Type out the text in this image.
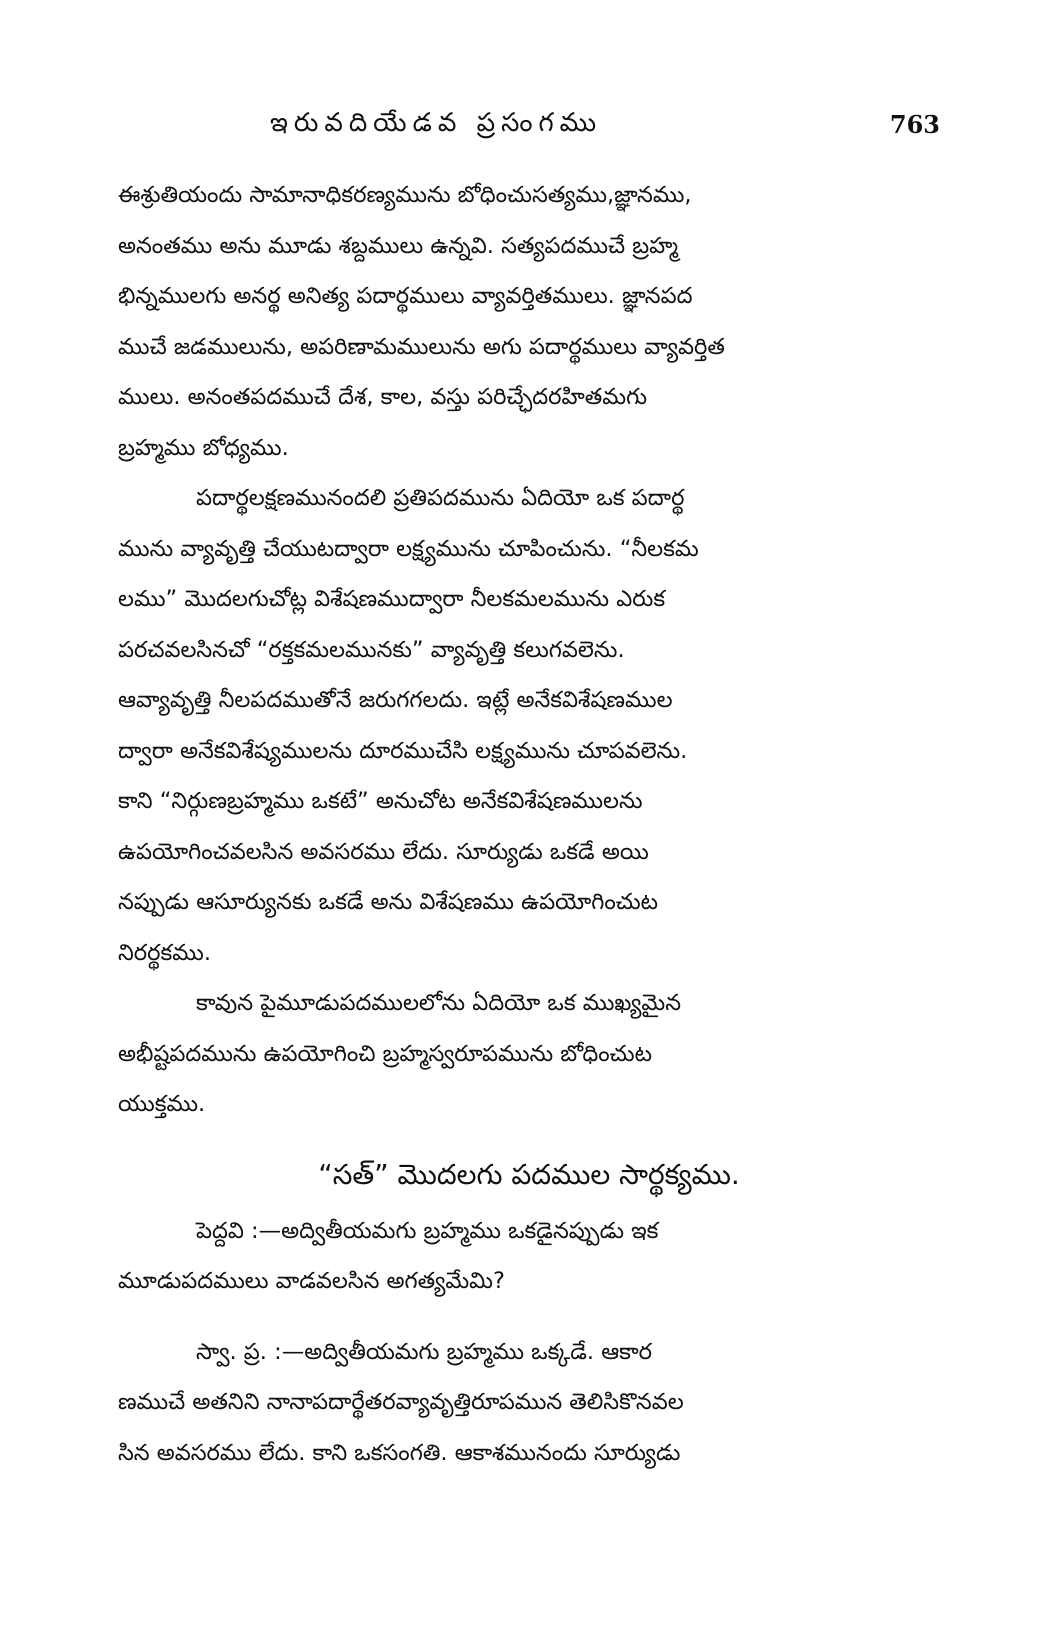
ఇరువదియేడవ ప్రసంగము	763
ఈశ్రుతియందు సామానాధికరణ్యమును బోధించుసత్యము,జ్ఞానము,
అనంతము అను మూడు శబ్దములు ఉన్నవి. సత్యపదముచే బ్రహ్మ
భిన్నములగు అనర్థ అనిత్య పదార్థములు వ్యావర్తితములు. జ్ఞానపద
ముచే జడములును, అపరిణామములును అగు పదార్థములు వ్యావర్తిత
ములు. అనంతపదముచే దేశ, కాల, వస్తు పరిచ్ఛేదరహితమగు
బ్రహ్మము బోధ్యము.
పదార్థలక్షణమునందలి ప్రతిపదమును ఏదియో ఒక పదార్థ
మును వ్యావృత్తి చేయుటద్వారా లక్ష్యమును చూపించును. “నీలకమ
లము” మొదలగుచోట్ల విశేషణముద్వారా నీలకమలమును ఎరుక
పరచవలసినచో “రక్తకమలమునకు” వ్యావృత్తి కలుగవలెను.
ఆవ్యావృత్తి నీలపదముతోనే జరుగగలదు. ఇట్లే అనేకవిశేషణముల
ద్వారా అనేకవిశేష్యములను దూరముచేసి లక్ష్యమును చూపవలెను.
కాని “నిర్గుణబ్రహ్మము ఒకటే” అనుచోట అనేకవిశేషణములను
ఉపయోగించవలసిన అవసరము లేదు. సూర్యుడు ఒకడే అయి
నప్పుడు ఆసూర్యునకు ఒకడే అను విశేషణము ఉపయోగించుట
నిరర్థకము.
కావున పైమూడుపదములలోను ఏదియో ఒక ముఖ్యమైన
అభీష్టపదమును ఉపయోగించి బ్రహ్మస్వరూపమును బోధించుట
యుక్తము.
“సత్” మొదలగు పదముల సార్థక్యము.
పెద్దవి :—అద్వితీయమగు బ్రహ్మము ఒకడైనప్పుడు ఇక
మూడుపదములు వాడవలసిన అగత్యమేమి?
స్వా. ప్ర. :—అద్వితీయమగు బ్రహ్మము ఒక్కడే. ఆకార
ణముచే అతనిని నానాపదార్థేతరవ్యావృత్తిరూపమున తెలిసికొనవల
సిన అవసరము లేదు. కాని ఒకసంగతి. ఆకాశమునందు సూర్యుడు
